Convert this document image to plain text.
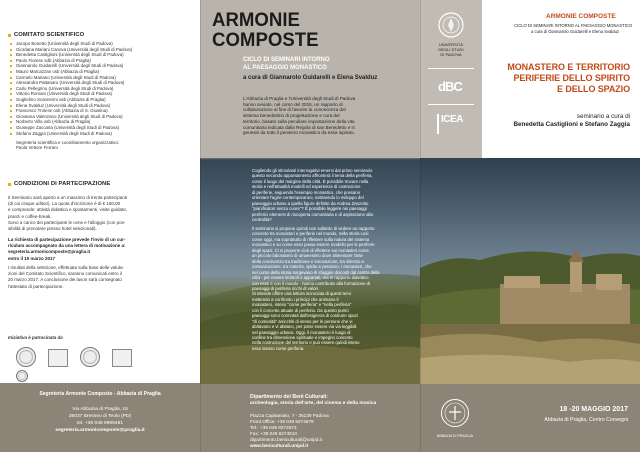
COMITATO SCIENTIFICO
Jacopo Bonetto (Università degli Studi di Padova)
Giordana Mariani Canova (Università degli Studi di Padova)
Benedetta Castiglioni (Università degli Studi di Padova)
Paolo Fiorese sdb (Abbazia di Praglia)
Giannarolo Guidarelli (Università degli Studi di Padova)
Mauro Marcazzan osb (Abbazia di Praglia)
Carmelo Mariano (Università degli Studi di Padova)
Alessandra Pattanaro (Università degli Studi di Padova)
Carlo Pellegrino (Università degli Studi di Padova)
Vittorio Romani (Università degli Studi di Padova)
Guglielmo Scannerini osb (Abbazia di Praglia)
Elena Svalduz (Università degli Studi di Padova)
Francesco Trolese osb (Abbazia di S. Giustina)
Giovanna Valenzano (Università degli Studi di Padova)
Norberto Villa osb (Abbazia di Praglia)
Giuseppe Zaccaria (Università degli Studi di Padova)
Stefano Zaggia (Università degli Studi di Padova)
Segreteria scientifica e coordinamento organizzativo:
Paola Vettore Ferraro
CONDIZIONI DI PARTECIPAZIONE
Il Seminario sarà aperto a un massimo di trenta partecipanti
(di cui cinque uditori). La quota d'iscrizione è di € 150,00
e comprende: attività didattica e spostamenti, visite guidate,
pranzi e coffee-break.
Sono a carico dei partecipanti le cene e l'alloggio (con pos-
sibilità di prenotare presso hotel selezionati).
La richiesta di partecipazione prevede l'invio di un cur-
riculum accompagnato da una lettera di motivazione a:
segreteria.armonicomposte@praglia.it
entro il 10 marzo 2017
I risultati della selezione, effettuata sulla base delle valuta-
zioni del Comitato Scientifico, saranno comunicati entro il
20 marzo 2017. A conclusione dei lavori sarà consegnato
l'attestato di partecipazione.
Iniziativa è patrocinata da
Segreteria Armonie Composte - Abbazia di Praglia
Via Abbazia di Praglia, 16
35037 Bresseo di Teolo (PD)
tel. +39 049 9999481
segreteria.armonicomposte@praglia.it
ARMONIE
COMPOSTE
CICLO DI SEMINARI INTORNO
AL PAESAGGIO MONASTICO
a cura di Giannarolo Guidarelli e Elena Svalduz
L'Abbazia di Praglia e l'Università degli Studi di Padova
hanno avviato, nel corso del 2015, un rapporto di
collaborazione al fine di favorire la conoscenza del
sistema benedettino di progettazione e cura del
territorio, basato sulla peculiare impostazione della vita
comunitaria indicata dalla Regola di san Benedetto e in
genesie da tutto il pensiero monastico da essa ispirato.
Cogliendo gli stimolanti interrogativi emersi dal primo seminario
questo secondo appuntamento affronterà il tema della periferia,
come il luogo del margine della città. È possibile trovare nella
storia e nell'attualità modelli ed esperienze di costruzione
di periferie, seguendo l'esempio monastico, che possano
orientare l'agire contemporaneo, sottraendo lo sviluppo del
paesaggio urbano a quella figure definite da Andrea Zanzotto
"pianificatori senza cuore"? È possibile leggere nei paesaggi
periferici elementi di riscoperta comunitaria e di aspirazione alla
centralità?
Il seminario si propone quindi non soltanto di vedere un rapporto
concreto tra monasteri e periferie nel mondo, nella storia così
come oggi, ma soprattutto di riflettere sulla natura del sistema
monastico e su come esso possa essere modello per le periferie
degli spazi. Ci si propone cioè di riflettere sui monasteri come
un piccolo laboratorio di umanesimo dove alimentare l'arte
della convivenza tra tradizione e innovazione, tra silenzio e
comunicazione, tra materia, spirito e pensiero. I monasteri, che
nel corso della storia sorgevano di sfuggire discosti dal centro della
città - per essere limitrofi e appartati, ma in rapporto dialettico
con esse e con il mondo - hanno contribuito alla formazione di
paesaggi di periferia ricchi di valori.
Si intende offrire una lettura incrociata di questi temi
mettendo a confronto i principi che animano il
monastero, inteso "come periferia" e "nella periferia"
con il concetto attuale di periferia. Da questo punto
paesaggi sono connotati dall'esigenza di costruire spazi
"di comunità" arricchiti di senso per le persone che vi
abitavano e vi abitano, per poter essere via via leggibili
nel paesaggio urbano. Oggi, il monastero è luogo di
confine tra dimensione spirituale e impegno concreto
nella costruzione del territorio e può essere quindi inteso
esso stesso come periferia.
Dipartimento dei Beni Culturali:
archeologia, storia dell'arte, del cinema e della musica
Piazza Capitaniato, 7 - 35139 Padova
Front Office: +39 049 8274679
Tel.: +39 049 8274673
Fax: +39 049 8274610
dipartimento.beniculturali@unipd.it
www.beniculturali.unipd.it
UNIVERSITÀ
DEGLI STUDI
DI PADOVA
dBC
ICEA
ARMONIE COMPOSTE
CICLO DI SEMINARI INTORNO AL PAESAGGIO MONASTICO
a cura di Giannarolo Guidarelli e Elena Svalduz
MONASTERO E TERRITORIO
PERIFERIE DELLO SPIRITO
E DELLO SPAZIO
seminario a cura di
Benedetta Castiglioni e Stefano Zaggia
ABBAZIA DI PRAGLIA
18 -20 MAGGIO 2017
Abbazia di Praglia, Centro Convegni
